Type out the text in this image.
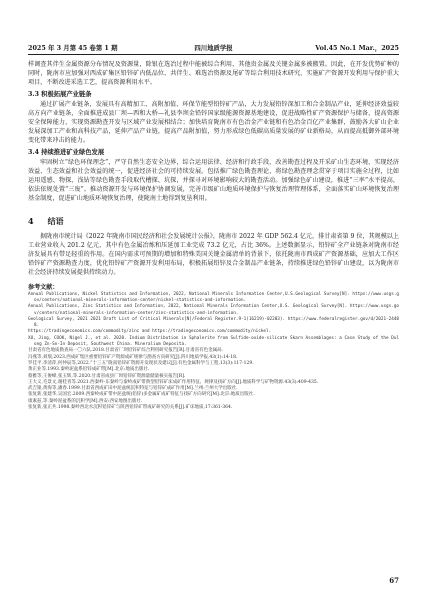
2025 年 3 月第 45 卷第 1 期	四川地质学报	Vol.45 No.1 Mar.，2025

样调查其伴生金属资源分布情况及资源量，除银在选冶过程中能被综合利用，其他贵金属及关键金属多被搬置。因此，在开发优势矿种的同时，陇南市应加强对西成矿集区铅锌矿内低品位、共伴生、难选冶资源及尾矿等综合利用技术研究，实施矿产资源开发利用与保护重大项目，不断改进采选工艺，提高资源利用水平。

3.3 积极拓展产业链条

通过扩展产业链条，发展具有高精加工、高附加值、环保节能型铅锌矿产品，大力发展铅锌深加工和合金制品产业，延伸经济效益较高方向产业链条，全面推进成县厂坝—西和大桥—礼县李坝金铅锌国家级能源资源基地建设，促进战略性矿产资源保护与储备，提高资源安全保障能力，实现资源勘查开发与区域产业发展相结合；加快培育陇南市有色冶金产业链和有色冶金百亿产业集群，鼓励各大矿山企业发展深加工产业和高科技产品，延伸产品产业链，提高产品附加值，努力形成绿色低碳高质量发展的矿业新格局，从而提高抵御外部环境变化带来冲击的能力。

3.4 持续推进矿业绿色发展

牢固树立“绿色环保理念”，严守自然生态安全边界，综合运用法律、经济和行政手段，改善勘查过程及开采矿山生态环境，实现经济效益、生态效益和社会效益的统一，促进经济社会的可持续发展。包括推广绿色勘查理论，将绿色勘查理念贯穿于项目实施全过程，比如运用遥感、物探、浅钻等绿色勘查手段取代槽探、坑探，并探寻对环境影响较大的勘查活动。加强绿色矿山建设，推进“三率”水平提高，依法依规处置“三废”。推动资源开发与环境保护协调发展，完善市级矿山地质环境保护与恢复治理管理体系，全面落实矿山环境恢复治理基金制度，促进矿山地质环境恢复治理，使陇南土地得到复垦利用。

4 结语

据陇南市统计局《2022 年陇南市国民经济和社会发展统计公报》，陇南市 2022 年 GDP 562.4 亿元，排甘肃省第 9 位，其规模以上工业营业收入 201.2 亿元，其中有色金属冶炼和压延加工业完成 73.2 亿元，占比 36%。上述数据显示，铅锌矿全产业链条对陇南市经济发展具有带足轻重的作用。在国内需求可预期的增加和特殊美国关键金属清单的背景下，依托陇南市西成矿产资源基础，应加大工作区铅锌矿产资源勘查力度，优化铅锌矿产资源开发利用布局，积极拓展铅锌及合金制品产业链条，持续推进绿色铅锌矿山建设，以为陇南市社会经济持续发展提供持续动力。

参考文献：

Annual Publications, Nickel Statistics and Information, 2022, National Minerals Information Center,U.S.Geological Survey[N]. https://www.usgs.gov/centers/national-minerals-information-center/nickel-statistics-and-information.

Annual Publications, Zinc Statistics and Information, 2022, National Minerals Information Center,U.S. Geological Survey[N]. https://www.usgs.gov/centers/national-minerals-information-center/zinc-statistics-and-information.

Geological Survey, 2021 2021 Draft List of Critical Minerals[N]/Federal Register.9-1(16219)-02203). https://www.federalregister.gov/d/2021-24488.

https://tradingeconomics.com/commodity/zinc and https://tradingeconomics.com/commodity/nickel.

XU, Jing, COOK, Nigel J., et al. 2020. Indium Distribution in Sphalerite from Sulfide-oxide-silicate Skarn Assemblages: a Case Study of the Dulong Zn-Sn-In Deposit, Southwest China. Mineralium Deposita.

甘肃省有色地质勘查局一〇六队.2018.甘肃省厂坝铅锌矿综合利用研究报告[R].甘肃省有色金属局.

冯燕等,刘瑞,2023.西成矿集区重要铅锌矿产资源成矿规律与勘查方向研究[J].四川地质学报,43(1):14-18.

罗佳平,李清萍,何仲辰等,2022.“十三五”陇南铅锌矿资源开发现状及建议[J].有色金属科学与工程,13(3):117-129.

黄正业等.1993.秦岭泥盆系铅锌成矿带[M].北京:地质出版社.

蔡雅等,王俊峰,张玉辉,等.2020.甘肃省成县厂坝铅锌矿资源量储量核实报告[R].

王大义,毛景文,谢桂青等.2021.西秦岭-东秦岭与秦岭成矿带典型铅锌矿床成矿作用特征、规律及找矿方向[J].地质科学与矿物资源.43(3):409-435.

武吉银,黄海等,潘春.1999.甘肃省西成矿田中泥盆统沉积特征与铅锌矿成矿作用[M].兰州:兰州大学出版社.

张复新,张建华,吴国宏.2009.西秦岭成矿带中泥盆统(铅锌)多金属矿成矿特征与找矿方向研究[M].北京:地质出版社.

康素兹,等.秦岭泥盆系的沉积学[M].西安:西安地图出版社.

张复新,张正共.1998.秦岭西北水沉积铅锌矿与陕西铅锌矿带成矿研究的关系[J].矿床地质,17:361-364.

67
